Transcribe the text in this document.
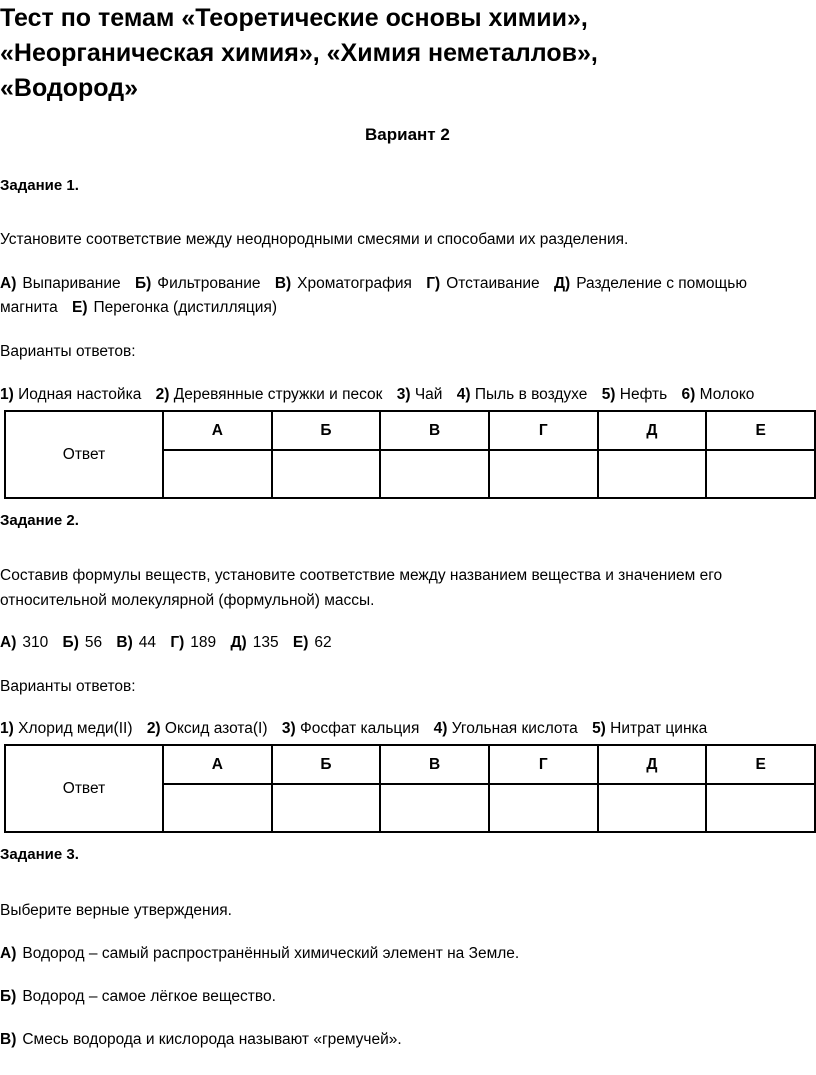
Тест по темам «Теоретические основы химии»,
«Неорганическая химия», «Химия неметаллов»,
«Водород»
Вариант 2
Задание 1.
Установите соответствие между неоднородными смесями и способами их разделения.
А) Выпаривание Б) Фильтрование В) Хроматография Г) Отстаивание Д) Разделение с помощью
магнита Е) Перегонка (дистилляция)
Варианты ответов:
1) Иодная настойка 2) Деревянные стружки и песок 3) Чай 4) Пыль в воздухе 5) Нефть 6) Молоко
Ответ	А	Б	В	Г	Д	Е

Задание 2.
Составив формулы веществ, установите соответствие между названием вещества и значением его
относительной молекулярной (формульной) массы.
А) 310 Б) 56 В) 44 Г) 189 Д) 135 Е) 62
Варианты ответов:
1) Хлорид меди(II) 2) Оксид азота(I) 3) Фосфат кальция 4) Угольная кислота 5) Нитрат цинка
Ответ	А	Б	В	Г	Д	Е

Задание 3.
Выберите верные утверждения.
А) Водород – самый распространённый химический элемент на Земле.
Б) Водород – самое лёгкое вещество.
В) Смесь водорода и кислорода называют «гремучей».
